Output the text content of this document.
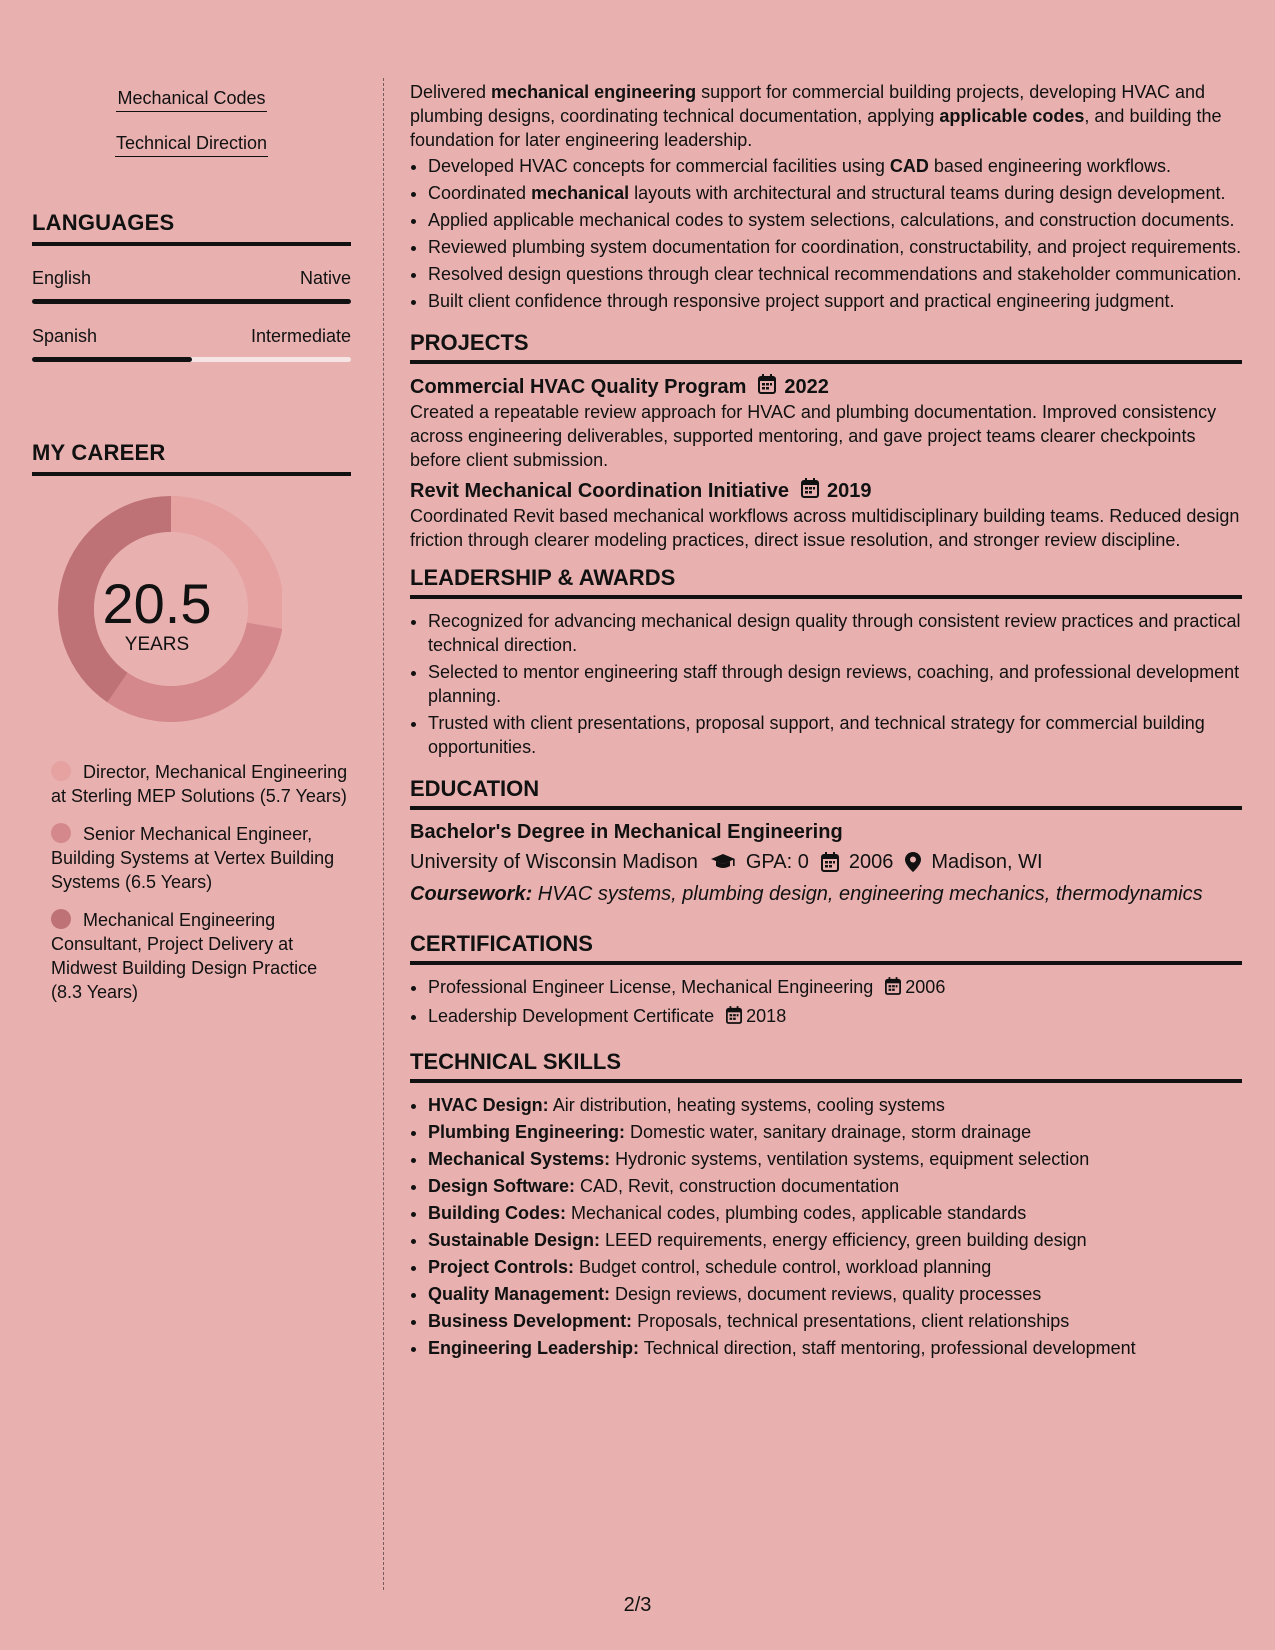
Mechanical Codes
Technical Direction
LANGUAGES
English	Native
Spanish	Intermediate
MY CAREER
20.5
YEARS
Director, Mechanical Engineering at Sterling MEP Solutions (5.7 Years)
Senior Mechanical Engineer, Building Systems at Vertex Building Systems (6.5 Years)
Mechanical Engineering Consultant, Project Delivery at Midwest Building Design Practice (8.3 Years)

Delivered mechanical engineering support for commercial building projects, developing HVAC and plumbing designs, coordinating technical documentation, applying applicable codes, and building the foundation for later engineering leadership.

• Developed HVAC concepts for commercial facilities using CAD based engineering workflows.
• Coordinated mechanical layouts with architectural and structural teams during design development.
• Applied applicable mechanical codes to system selections, calculations, and construction documents.
• Reviewed plumbing system documentation for coordination, constructability, and project requirements.
• Resolved design questions through clear technical recommendations and stakeholder communication.
• Built client confidence through responsive project support and practical engineering judgment.
PROJECTS
Commercial HVAC Quality Program 2022

Created a repeatable review approach for HVAC and plumbing documentation. Improved consistency across engineering deliverables, supported mentoring, and gave project teams clearer checkpoints before client submission.

Revit Mechanical Coordination Initiative 2019

Coordinated Revit based mechanical workflows across multidisciplinary building teams. Reduced design friction through clearer modeling practices, direct issue resolution, and stronger review discipline.

LEADERSHIP & AWARDS
• Recognized for advancing mechanical design quality through consistent review practices and practical technical direction.
• Selected to mentor engineering staff through design reviews, coaching, and professional development planning.
• Trusted with client presentations, proposal support, and technical strategy for commercial building opportunities.
EDUCATION
Bachelor's Degree in Mechanical Engineering
University of Wisconsin Madison GPA: 0 2006 Madison, WI
Coursework: HVAC systems, plumbing design, engineering mechanics, thermodynamics
CERTIFICATIONS
• Professional Engineer License, Mechanical Engineering 2006
• Leadership Development Certificate 2018
TECHNICAL SKILLS
• HVAC Design: Air distribution, heating systems, cooling systems
• Plumbing Engineering: Domestic water, sanitary drainage, storm drainage
• Mechanical Systems: Hydronic systems, ventilation systems, equipment selection
• Design Software: CAD, Revit, construction documentation
• Building Codes: Mechanical codes, plumbing codes, applicable standards
• Sustainable Design: LEED requirements, energy efficiency, green building design
• Project Controls: Budget control, schedule control, workload planning
• Quality Management: Design reviews, document reviews, quality processes
• Business Development: Proposals, technical presentations, client relationships
• Engineering Leadership: Technical direction, staff mentoring, professional development
2/3
